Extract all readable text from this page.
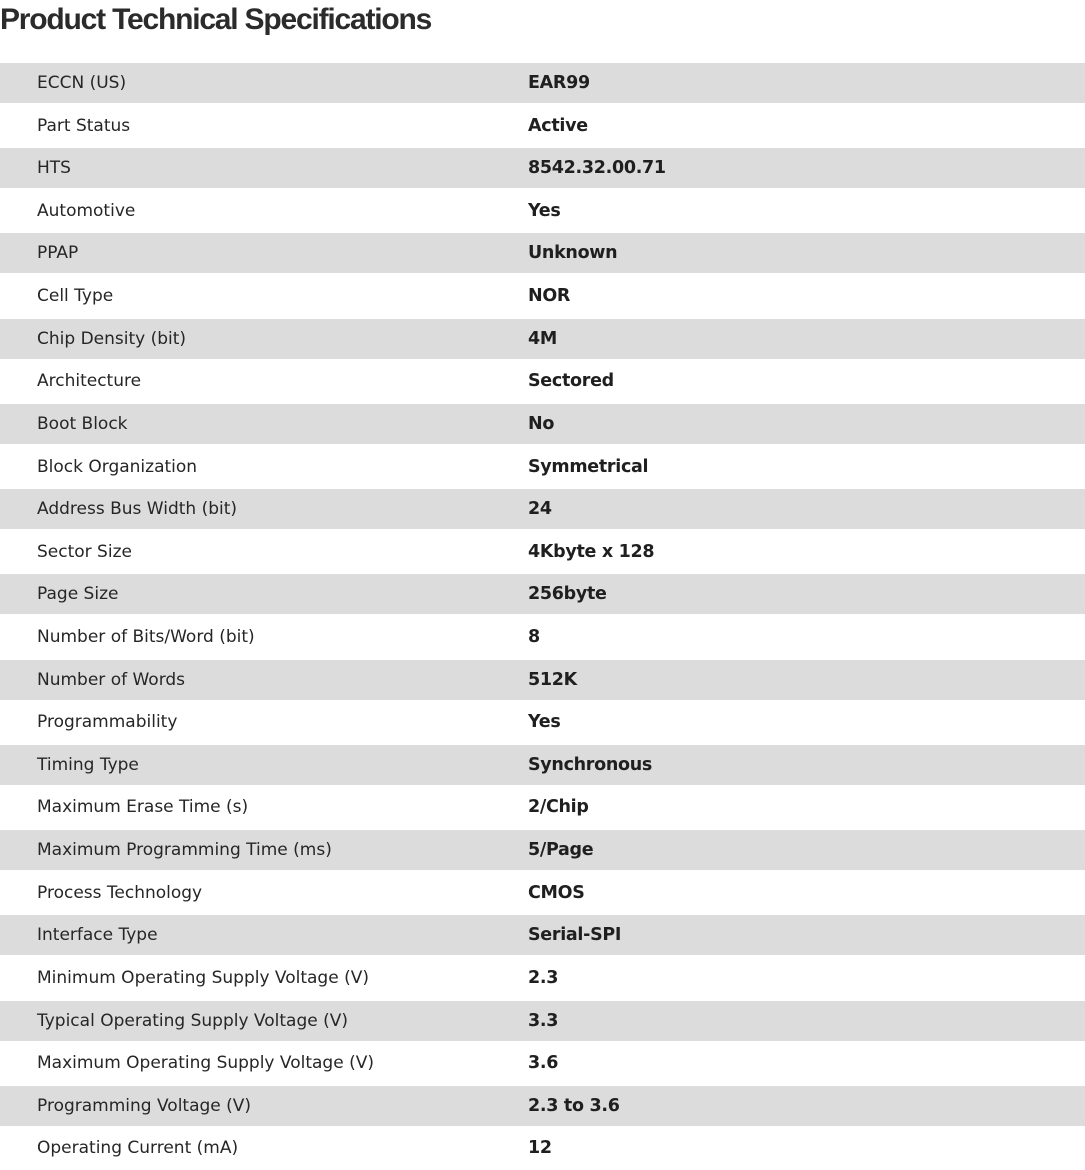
Product Technical Specifications
ECCN (US)	EAR99
Part Status	Active
HTS	8542.32.00.71
Automotive	Yes
PPAP	Unknown
Cell Type	NOR
Chip Density (bit)	4M
Architecture	Sectored
Boot Block	No
Block Organization	Symmetrical
Address Bus Width (bit)	24
Sector Size	4Kbyte x 128
Page Size	256byte
Number of Bits/Word (bit)	8
Number of Words	512K
Programmability	Yes
Timing Type	Synchronous
Maximum Erase Time (s)	2/Chip
Maximum Programming Time (ms)	5/Page
Process Technology	CMOS
Interface Type	Serial-SPI
Minimum Operating Supply Voltage (V)	2.3
Typical Operating Supply Voltage (V)	3.3
Maximum Operating Supply Voltage (V)	3.6
Programming Voltage (V)	2.3 to 3.6
Operating Current (mA)	12
